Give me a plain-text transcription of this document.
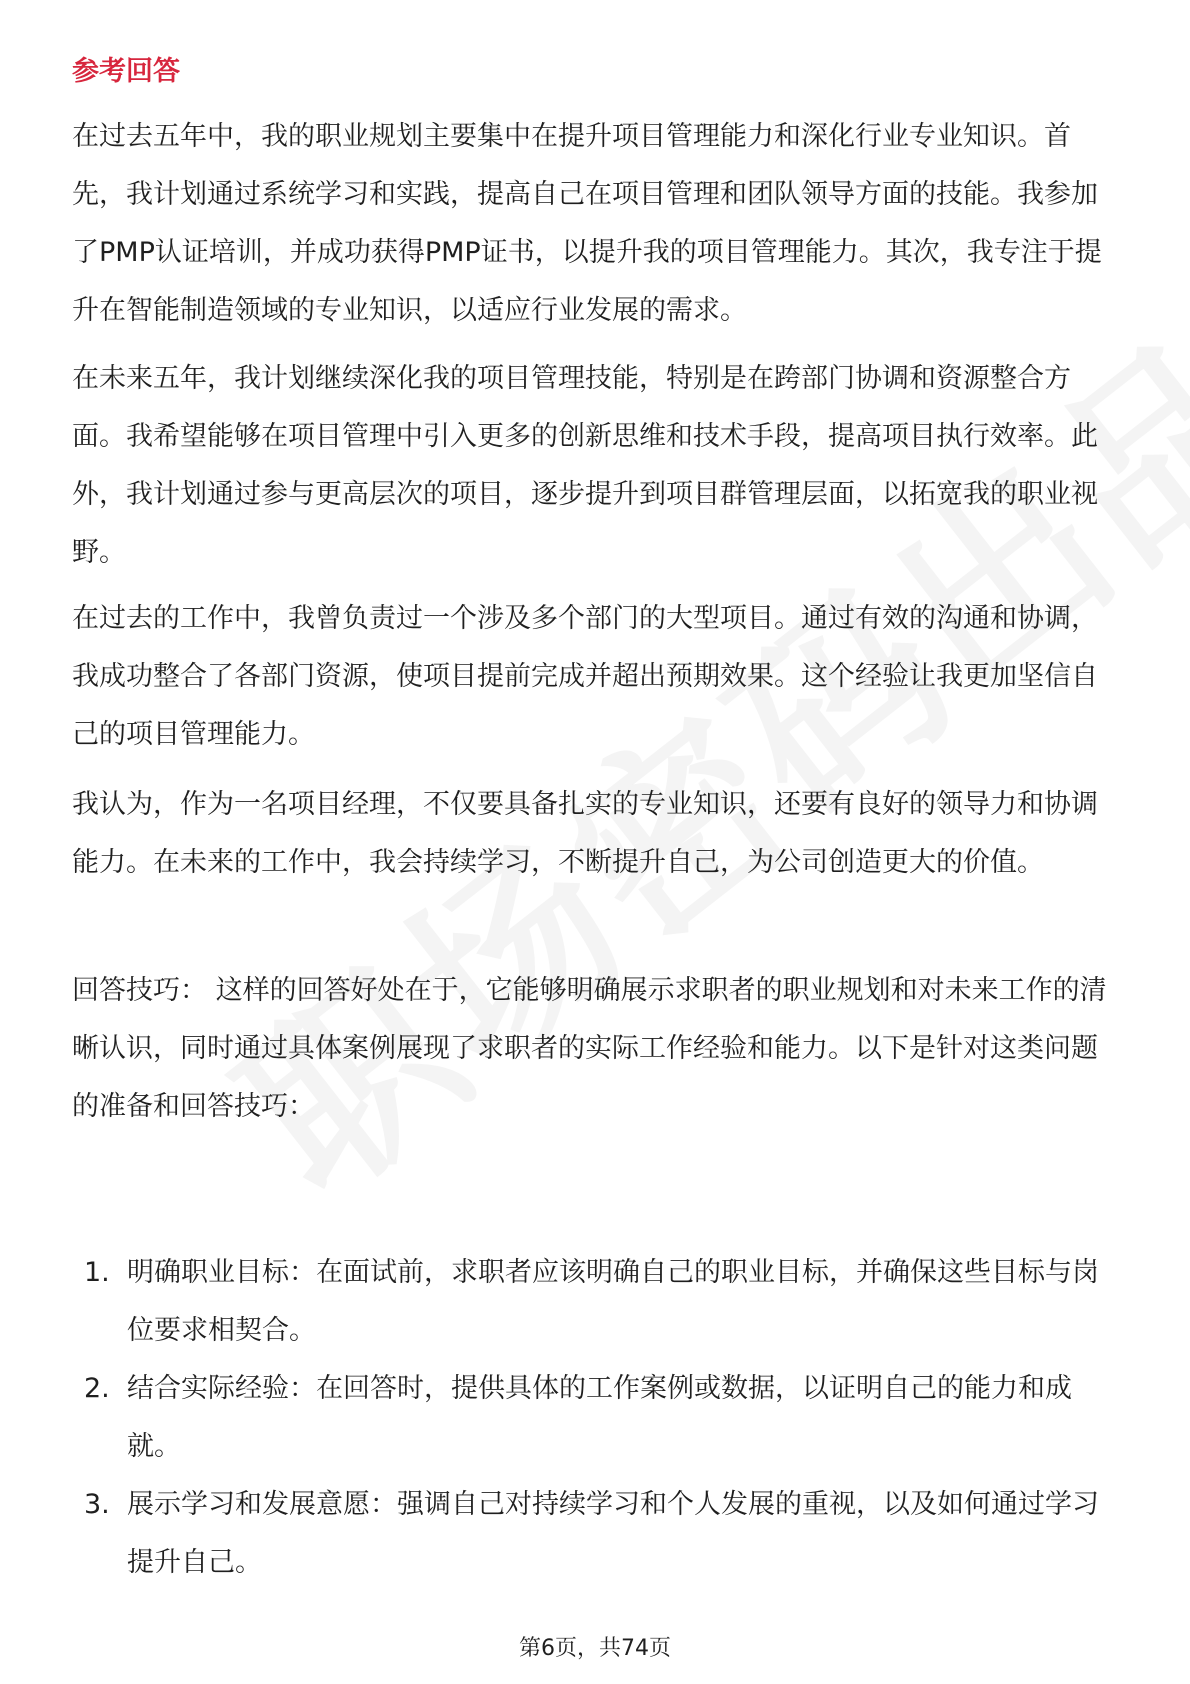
参考回答

在过去五年中，我的职业规划主要集中在提升项目管理能力和深化行业专业知识。首先，我计划通过系统学习和实践，提高自己在项目管理和团队领导方面的技能。我参加了PMP认证培训，并成功获得PMP证书，以提升我的项目管理能力。其次，我专注于提升在智能制造领域的专业知识，以适应行业发展的需求。

在未来五年，我计划继续深化我的项目管理技能，特别是在跨部门协调和资源整合方面。我希望能够在项目管理中引入更多的创新思维和技术手段，提高项目执行效率。此外，我计划通过参与更高层次的项目，逐步提升到项目群管理层面，以拓宽我的职业视野。

在过去的工作中，我曾负责过一个涉及多个部门的大型项目。通过有效的沟通和协调，我成功整合了各部门资源，使项目提前完成并超出预期效果。这个经验让我更加坚信自己的项目管理能力。

我认为，作为一名项目经理，不仅要具备扎实的专业知识，还要有良好的领导力和协调能力。在未来的工作中，我会持续学习，不断提升自己，为公司创造更大的价值。

回答技巧： 这样的回答好处在于，它能够明确展示求职者的职业规划和对未来工作的清晰认识，同时通过具体案例展现了求职者的实际工作经验和能力。以下是针对这类问题的准备和回答技巧：

1. 明确职业目标：在面试前，求职者应该明确自己的职业目标，并确保这些目标与岗位要求相契合。
2. 结合实际经验：在回答时，提供具体的工作案例或数据，以证明自己的能力和成就。
3. 展示学习和发展意愿：强调自己对持续学习和个人发展的重视，以及如何通过学习提升自己。
第6页，共74页
